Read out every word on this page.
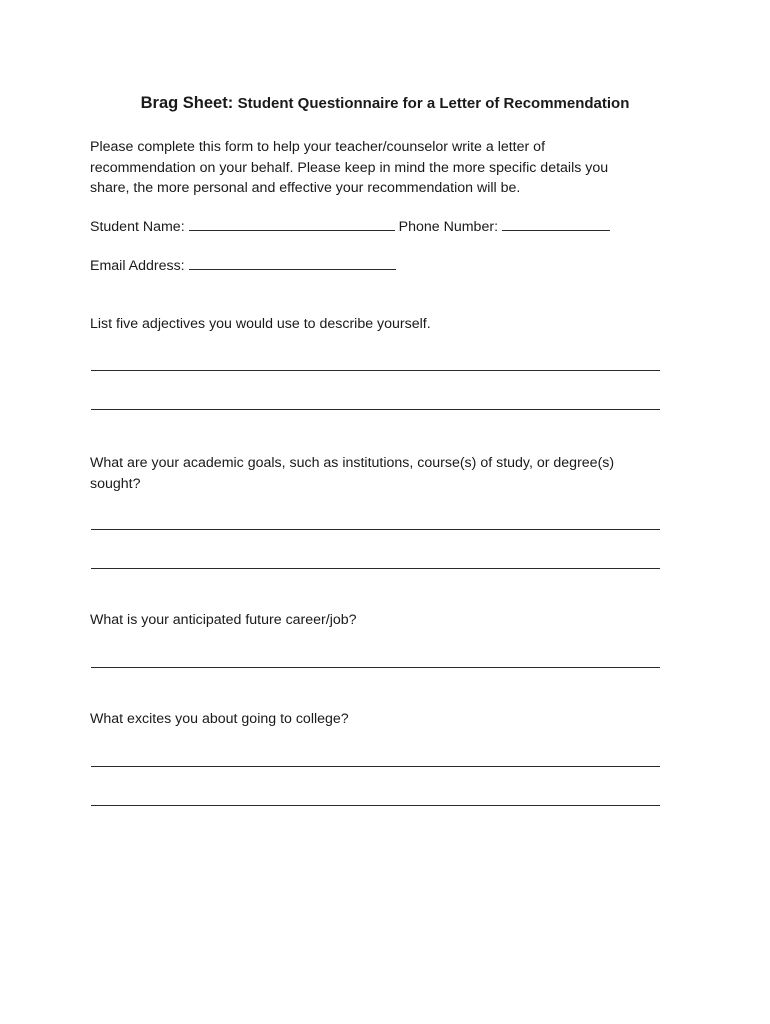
Brag Sheet: Student Questionnaire for a Letter of Recommendation
Please complete this form to help your teacher/counselor write a letter of
recommendation on your behalf. Please keep in mind the more specific details you
share, the more personal and effective your recommendation will be.
Student Name:	Phone Number:
Email Address:
List five adjectives you would use to describe yourself.
What are your academic goals, such as institutions, course(s) of study, or degree(s)
sought?
What is your anticipated future career/job?
What excites you about going to college?
